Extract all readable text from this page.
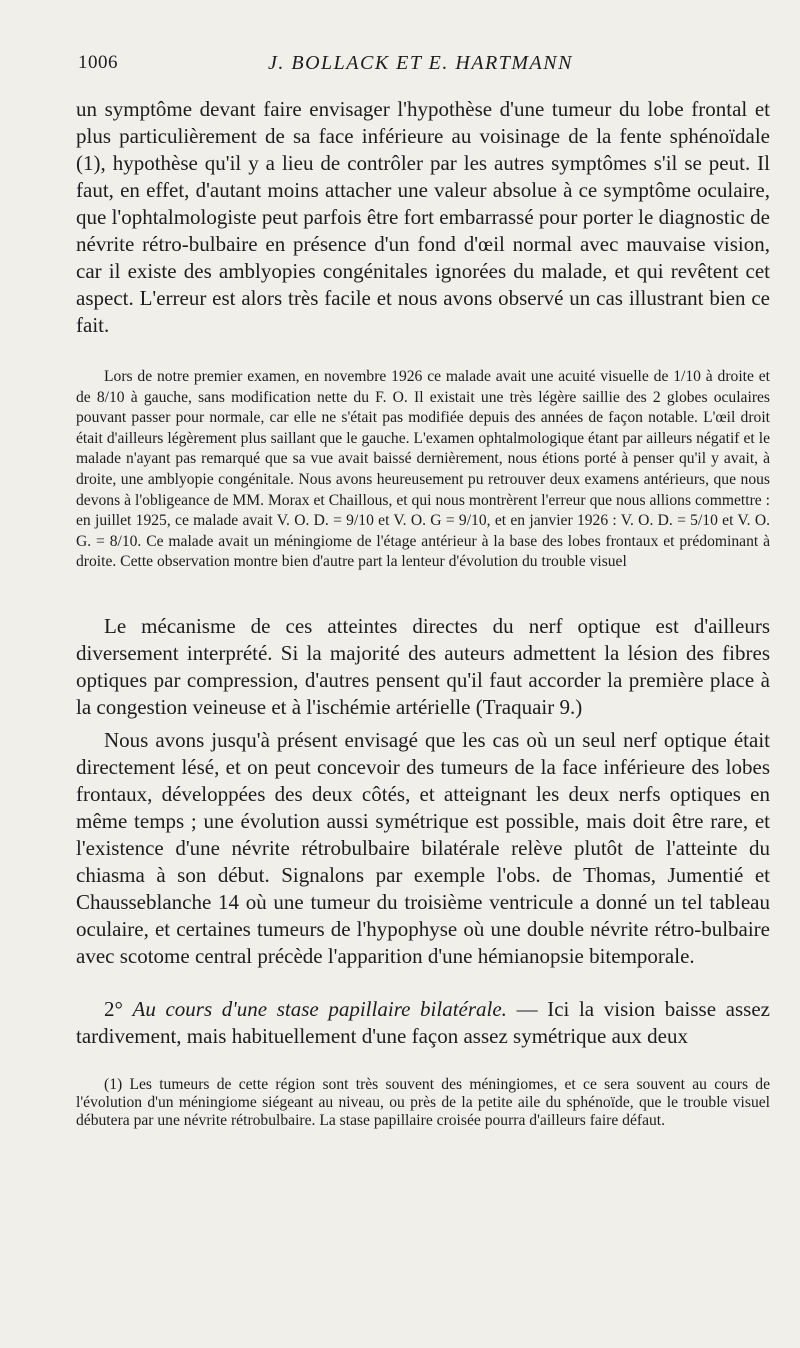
1006	J. BOLLACK ET E. HARTMANN

un symptôme devant faire envisager l'hypothèse d'une tumeur du lobe frontal et plus particulièrement de sa face inférieure au voisinage de la fente sphénoïdale (1), hypothèse qu'il y a lieu de contrôler par les autres symptômes s'il se peut. Il faut, en effet, d'autant moins attacher une valeur absolue à ce symptôme oculaire, que l'ophtalmologiste peut parfois être fort embarrassé pour porter le diagnostic de névrite rétro-bulbaire en présence d'un fond d'œil normal avec mauvaise vision, car il existe des amblyopies congénitales ignorées du malade, et qui revêtent cet aspect. L'erreur est alors très facile et nous avons observé un cas illustrant bien ce fait.

Lors de notre premier examen, en novembre 1926 ce malade avait une acuité visuelle de 1/10 à droite et de 8/10 à gauche, sans modification nette du F. O. Il existait une très légère saillie des 2 globes oculaires pouvant passer pour normale, car elle ne s'était pas modifiée depuis des années de façon notable. L'œil droit était d'ailleurs légèrement plus saillant que le gauche. L'examen ophtalmologique étant par ailleurs négatif et le malade n'ayant pas remarqué que sa vue avait baissé dernièrement, nous étions porté à penser qu'il y avait, à droite, une amblyopie congénitale. Nous avons heureusement pu retrouver deux examens antérieurs, que nous devons à l'obligeance de MM. Morax et Chaillous, et qui nous montrèrent l'erreur que nous allions commettre : en juillet 1925, ce malade avait V. O. D. = 9/10 et V. O. G = 9/10, et en janvier 1926 : V. O. D. = 5/10 et V. O. G. = 8/10. Ce malade avait un méningiome de l'étage antérieur à la base des lobes frontaux et prédominant à droite. Cette observation montre bien d'autre part la lenteur d'évolution du trouble visuel

Le mécanisme de ces atteintes directes du nerf optique est d'ailleurs diversement interprété. Si la majorité des auteurs admettent la lésion des fibres optiques par compression, d'autres pensent qu'il faut accorder la première place à la congestion veineuse et à l'ischémie artérielle (Traquair 9.)

Nous avons jusqu'à présent envisagé que les cas où un seul nerf optique était directement lésé, et on peut concevoir des tumeurs de la face inférieure des lobes frontaux, développées des deux côtés, et atteignant les deux nerfs optiques en même temps ; une évolution aussi symétrique est possible, mais doit être rare, et l'existence d'une névrite rétrobulbaire bilatérale relève plutôt de l'atteinte du chiasma à son début. Signalons par exemple l'obs. de Thomas, Jumentié et Chausseblanche 14 où une tumeur du troisième ventricule a donné un tel tableau oculaire, et certaines tumeurs de l'hypophyse où une double névrite rétro-bulbaire avec scotome central précède l'apparition d'une hémianopsie bitemporale.

2° Au cours d'une stase papillaire bilatérale. — Ici la vision baisse assez tardivement, mais habituellement d'une façon assez symétrique aux deux

(1) Les tumeurs de cette région sont très souvent des méningiomes, et ce sera souvent au cours de l'évolution d'un méningiome siégeant au niveau, ou près de la petite aile du sphénoïde, que le trouble visuel débutera par une névrite rétrobulbaire. La stase papillaire croisée pourra d'ailleurs faire défaut.
